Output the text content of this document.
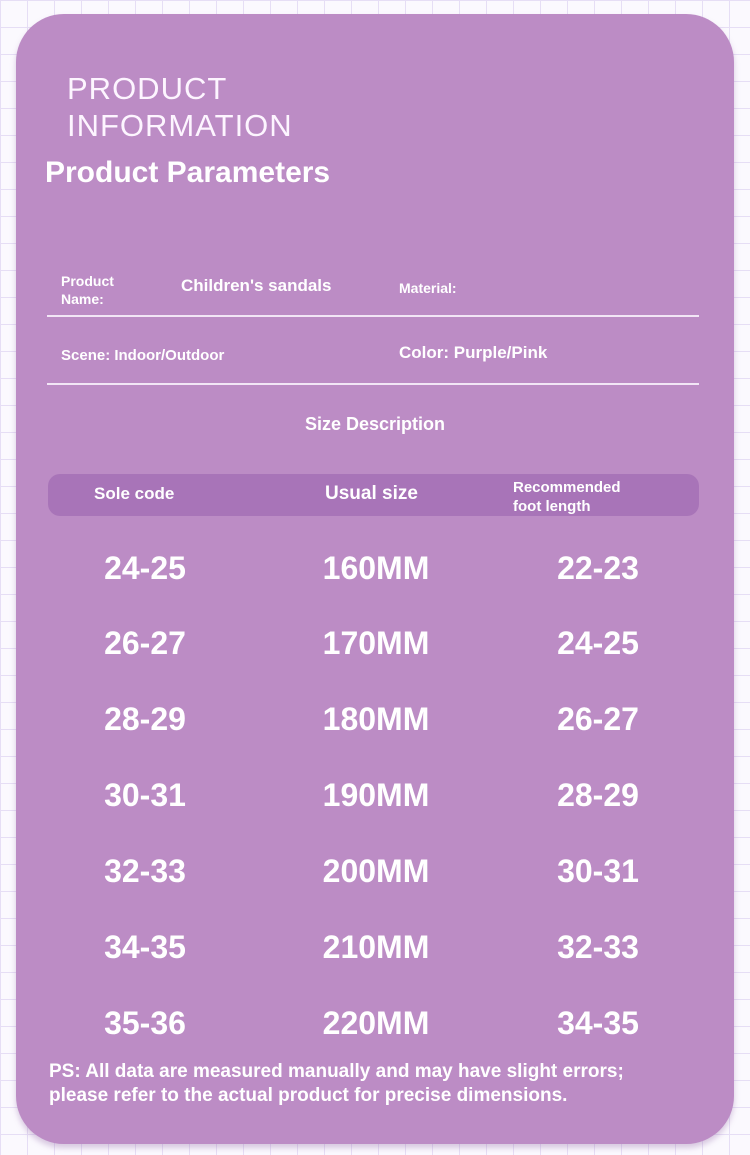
PRODUCT
INFORMATION
Product Parameters
Product
Name:
Children's sandals	Material:
Scene: Indoor/Outdoor	Color: Purple/Pink
Size Description
Sole code	Usual size	Recommended
foot length
24-25	160MM	22-23
26-27	170MM	24-25
28-29	180MM	26-27
30-31	190MM	28-29
32-33	200MM	30-31
34-35	210MM	32-33
35-36	220MM	34-35
PS: All data are measured manually and may have slight errors;
please refer to the actual product for precise dimensions.
